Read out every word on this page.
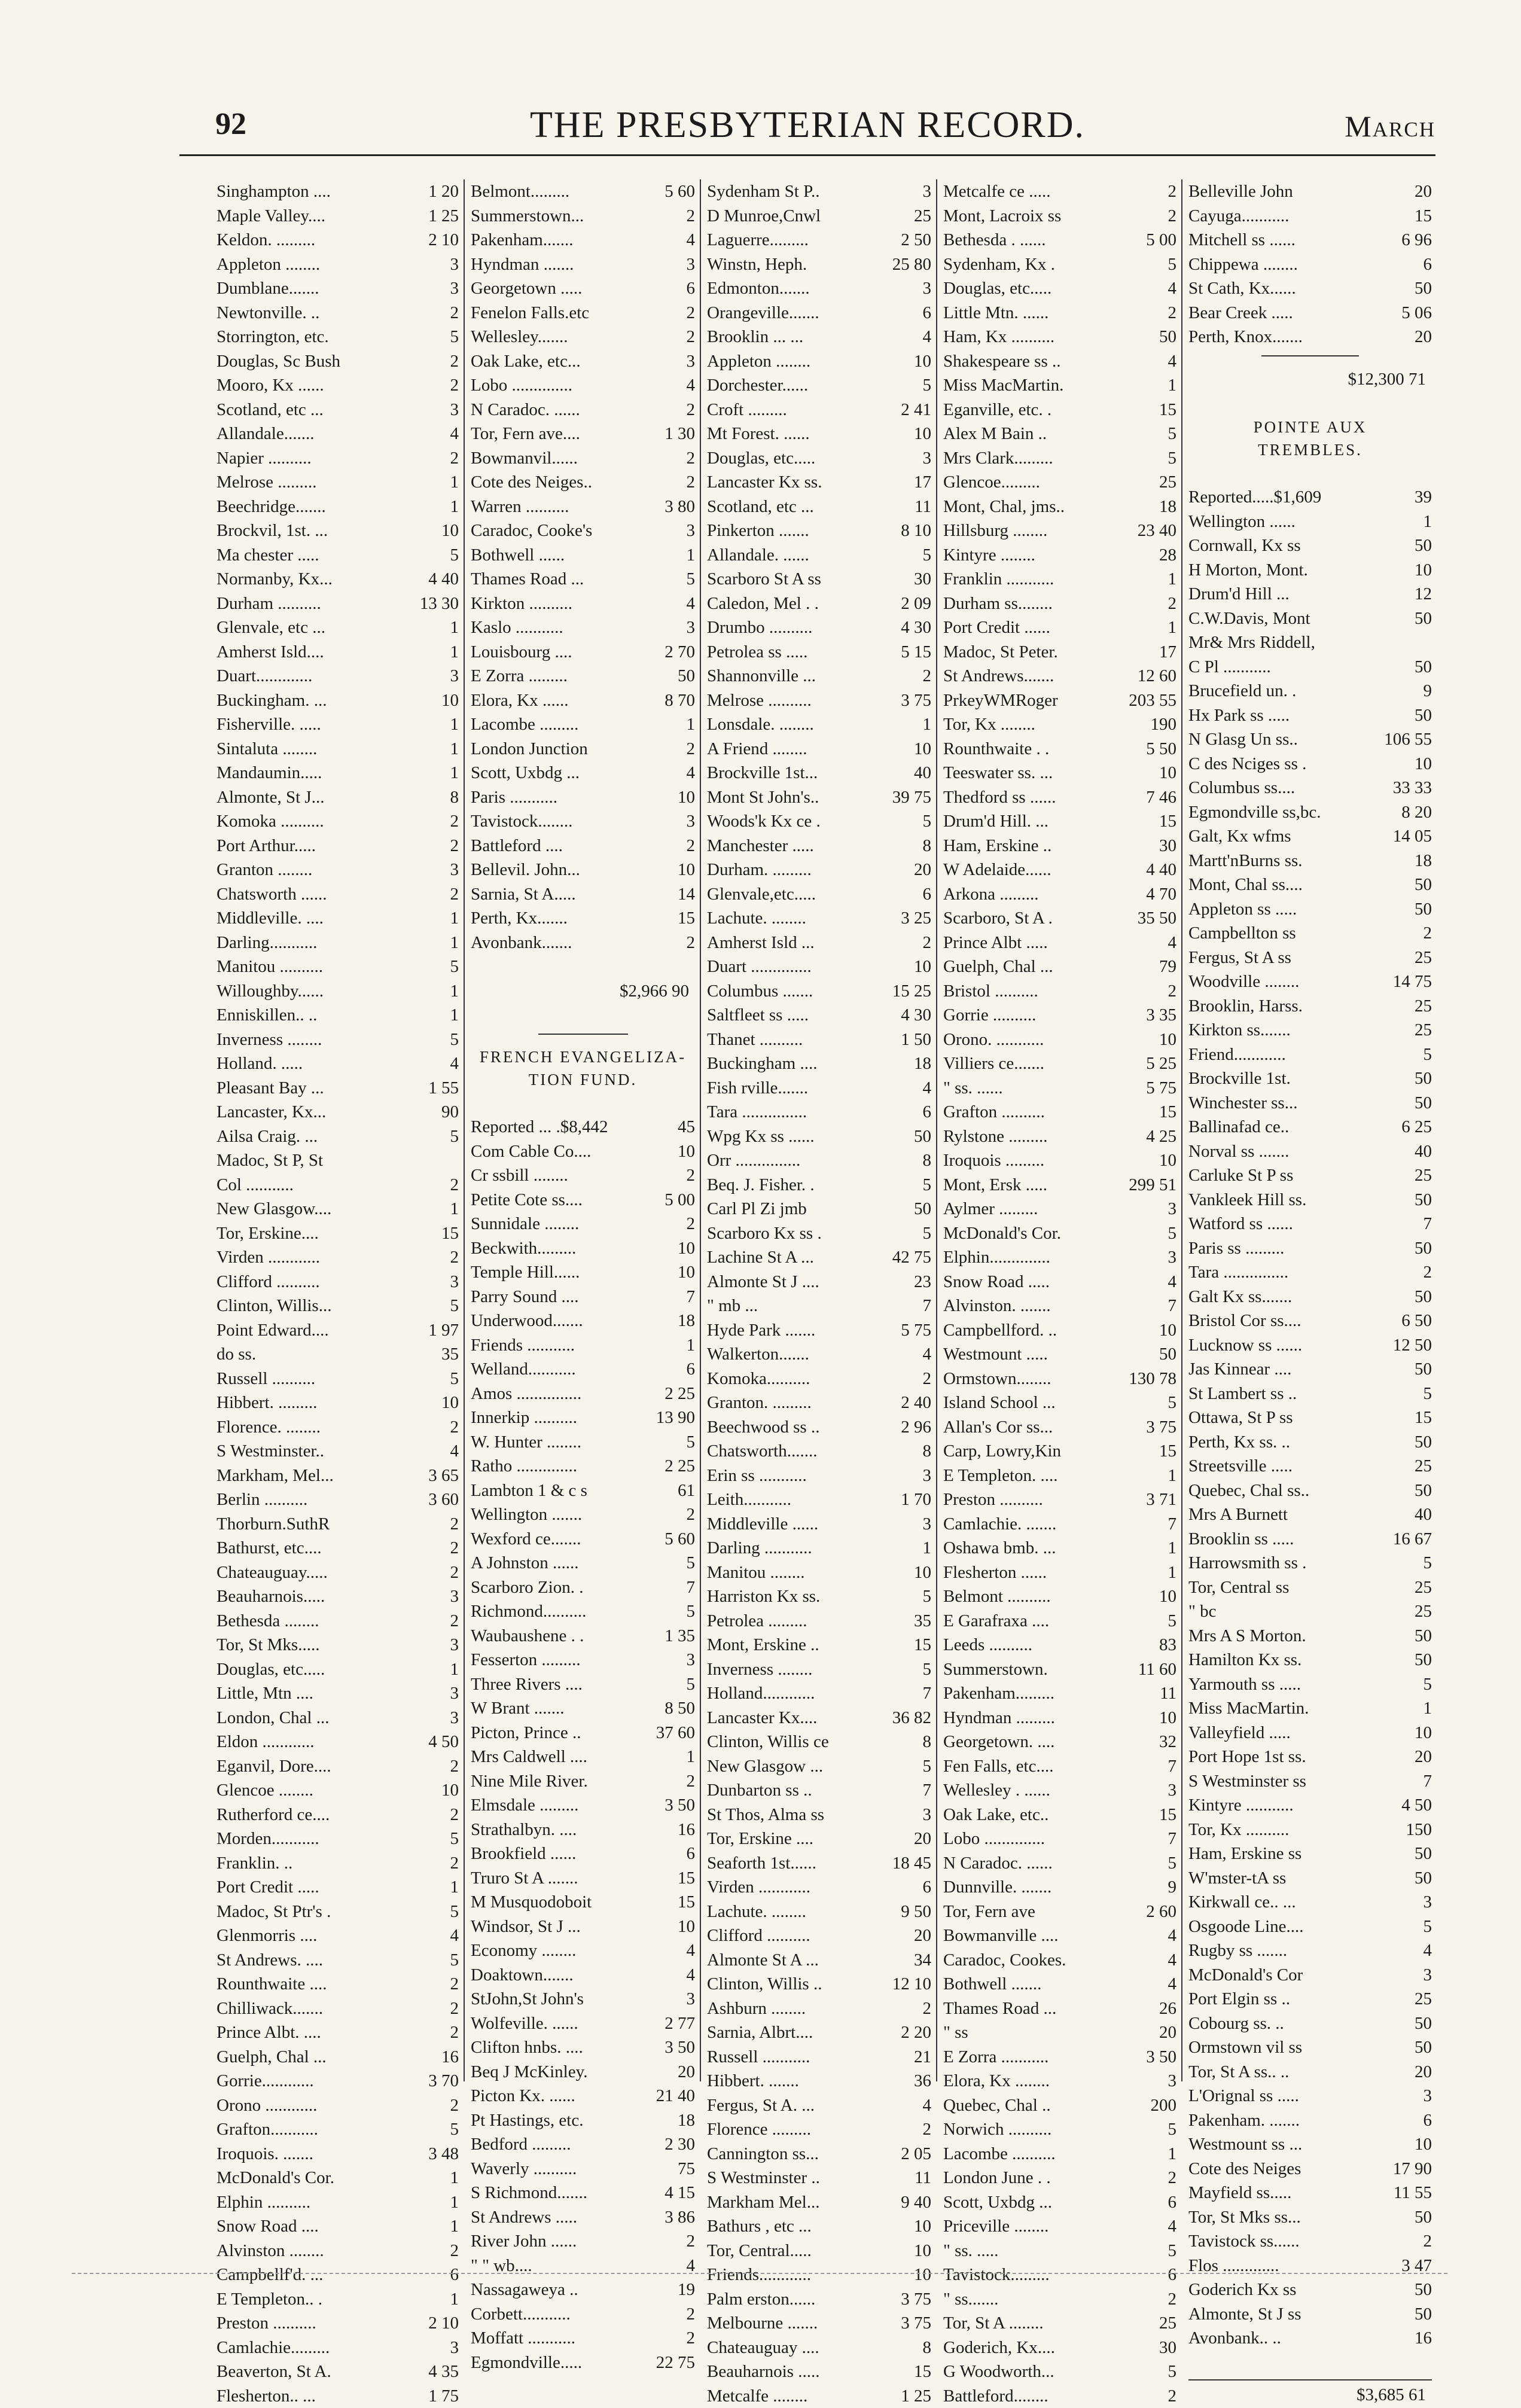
92	THE PRESBYTERIAN RECORD.	March
Singhampton ....	1 20
Maple Valley....	1 25
Keldon. .........	2 10
Appleton ........	3
Dumblane.......	3
Newtonville. ..	2
Storrington, etc.	5
Douglas, Sc Bush	2
Mooro, Kx ......	2
Scotland, etc ...	3
Allandale.......	4
Napier ..........	2
Melrose .........	1
Beechridge.......	1
Brockvil, 1st. ...	10
Ma chester .....	5
Normanby, Kx...	4 40
Durham ..........	13 30
Glenvale, etc ...	1
Amherst Isld....	1
Duart.............	3
Buckingham. ...	10
Fisherville. .....	1
Sintaluta ........	1
Mandaumin.....	1
Almonte, St J...	8
Komoka ..........	2
Port Arthur.....	2
Granton ........	3
Chatsworth ......	2
Middleville. ....	1
Darling...........	1
Manitou ..........	5
Willoughby......	1
Enniskillen.. ..	1
Inverness ........	5
Holland. .....	4
Pleasant Bay ...	1 55
Lancaster, Kx...	90
Ailsa Craig. ...	5
Madoc, St P, St
Col ...........	2
New Glasgow....	1
Tor, Erskine....	15
Virden ............	2
Clifford ..........	3
Clinton, Willis...	5
Point Edward....	1 97
do ss.	35
Russell ..........	5
Hibbert. .........	10
Florence. ........	2
S Westminster..	4
Markham, Mel...	3 65
Berlin ..........	3 60
Thorburn.SuthR	2
Bathurst, etc....	2
Chateauguay.....	2
Beauharnois.....	3
Bethesda ........	2
Tor, St Mks.....	3
Douglas, etc.....	1
Little, Mtn ....	3
London, Chal ...	3
Eldon ............	4 50
Eganvil, Dore....	2
Glencoe ........	10
Rutherford ce....	2
Morden...........	5
Franklin. ..	2
Port Credit .....	1
Madoc, St Ptr's .	5
Glenmorris ....	4
St Andrews. ....	5
Rounthwaite ....	2
Chilliwack.......	2
Prince Albt. ....	2
Guelph, Chal ...	16
Gorrie............	3 70
Orono ............	2
Grafton...........	5
Iroquois. .......	3 48
McDonald's Cor.	1
Elphin ..........	1
Snow Road ....	1
Alvinston ........	2
Campbellf'd. ...	6
E Templeton.. .	1
Preston ..........	2 10
Camlachie.........	3
Beaverton, St A.	4 35
Flesherton.. ...	1 75
Belmont.........	5 60
Summerstown...	2
Pakenham.......	4
Hyndman .......	3
Georgetown .....	6
Fenelon Falls.etc	2
Wellesley.......	2
Oak Lake, etc...	3
Lobo ..............	4
N Caradoc. ......	2
Tor, Fern ave....	1 30
Bowmanvil......	2
Cote des Neiges..	2
Warren ..........	3 80
Caradoc, Cooke's	3
Bothwell ......	1
Thames Road ...	5
Kirkton ..........	4
Kaslo ...........	3
Louisbourg ....	2 70
E Zorra .........	50
Elora, Kx ......	8 70
Lacombe .........	1
London Junction	2
Scott, Uxbdg ...	4
Paris ...........	10
Tavistock........	3
Battleford ....	2
Bellevil. John...	10
Sarnia, St A.....	14
Perth, Kx.......	15
Avonbank.......	2
$2,966 90
FRENCH EVANGELIZA-
TION FUND.
Reported ... .$8,442	45
Com Cable Co....	10
Cr ssbill ........	2
Petite Cote ss....	5 00
Sunnidale ........	2
Beckwith.........	10
Temple Hill......	10
Parry Sound ....	7
Underwood.......	18
Friends ...........	1
Welland...........	6
Amos ...............	2 25
Innerkip ..........	13 90
W. Hunter ........	5
Ratho ..............	2 25
Lambton 1 & c s	61
Wellington .......	2
Wexford ce.......	5 60
A Johnston ......	5
Scarboro Zion. .	7
Richmond..........	5
Waubaushene . .	1 35
Fesserton .........	3
Three Rivers ....	5
W Brant .......	8 50
Picton, Prince ..	37 60
Mrs Caldwell ....	1
Nine Mile River.	2
Elmsdale .........	3 50
Strathalbyn. ....	16
Brookfield ......	6
Truro St A .......	15
M Musquodoboit	15
Windsor, St J ...	10
Economy ........	4
Doaktown.......	4
StJohn,St John's	3
Wolfeville. ......	2 77
Clifton hnbs. ....	3 50
Beq J McKinley.	20
Picton Kx. ......	21 40
Pt Hastings, etc.	18
Bedford .........	2 30
Waverly ..........	75
S Richmond.......	4 15
St Andrews .....	3 86
River John ......	2
" " wb....	4
Nassagaweya ..	19
Corbett...........	2
Moffatt ...........	2
Egmondville.....	22 75
Sydenham St P..	3
D Munroe,Cnwl	25
Laguerre.........	2 50
Winstn, Heph.	25 80
Edmonton.......	3
Orangeville.......	6
Brooklin ... ...	4
Appleton ........	10
Dorchester......	5
Croft .........	2 41
Mt Forest. ......	10
Douglas, etc.....	3
Lancaster Kx ss.	17
Scotland, etc ...	11
Pinkerton .......	8 10
Allandale. ......	5
Scarboro St A ss	30
Caledon, Mel . .	2 09
Drumbo ..........	4 30
Petrolea ss .....	5 15
Shannonville ...	2
Melrose ..........	3 75
Lonsdale. ........	1
A Friend ........	10
Brockville 1st...	40
Mont St John's..	39 75
Woods'k Kx ce .	5
Manchester .....	8
Durham. .........	20
Glenvale,etc.....	6
Lachute. ........	3 25
Amherst Isld ...	2
Duart ..............	10
Columbus .......	15 25
Saltfleet ss .....	4 30
Thanet ..........	1 50
Buckingham ....	18
Fish rville.......	4
Tara ...............	6
Wpg Kx ss ......	50
Orr ...............	8
Beq. J. Fisher. .	5
Carl Pl Zi jmb	50
Scarboro Kx ss .	5
Lachine St A ...	42 75
Almonte St J ....	23
" mb ...	7
Hyde Park .......	5 75
Walkerton.......	4
Komoka..........	2
Granton. .........	2 40
Beechwood ss ..	2 96
Chatsworth.......	8
Erin ss ...........	3
Leith...........	1 70
Middleville ......	3
Darling ...........	1
Manitou ........	10
Harriston Kx ss.	5
Petrolea .........	35
Mont, Erskine ..	15
Inverness ........	5
Holland............	7
Lancaster Kx....	36 82
Clinton, Willis ce	8
New Glasgow ...	5
Dunbarton ss ..	7
St Thos, Alma ss	3
Tor, Erskine ....	20
Seaforth 1st......	18 45
Virden ............	6
Lachute. ........	9 50
Clifford ..........	20
Almonte St A ...	34
Clinton, Willis ..	12 10
Ashburn ........	2
Sarnia, Albrt....	2 20
Russell ...........	21
Hibbert. .......	36
Fergus, St A. ...	4
Florence .........	2
Cannington ss...	2 05
S Westminster ..	11
Markham Mel...	9 40
Bathurs , etc ...	10
Tor, Central.....	10
Friends............	10
Palm erston......	3 75
Melbourne .......	3 75
Chateauguay ....	8
Beauharnois .....	15
Metcalfe ........	1 25
Metcalfe ce .....	2
Mont, Lacroix ss	2
Bethesda . ......	5 00
Sydenham, Kx .	5
Douglas, etc.....	4
Little Mtn. ......	2
Ham, Kx ..........	50
Shakespeare ss ..	4
Miss MacMartin.	1
Eganville, etc. .	15
Alex M Bain ..	5
Mrs Clark.........	5
Glencoe.........	25
Mont, Chal, jms..	18
Hillsburg ........	23 40
Kintyre ........	28
Franklin ...........	1
Durham ss........	2
Port Credit ......	1
Madoc, St Peter.	17
St Andrews.......	12 60
PrkeyWMRoger	203 55
Tor, Kx ........	190
Rounthwaite . .	5 50
Teeswater ss. ...	10
Thedford ss ......	7 46
Drum'd Hill. ...	15
Ham, Erskine ..	30
W Adelaide......	4 40
Arkona .........	4 70
Scarboro, St A .	35 50
Prince Albt .....	4
Guelph, Chal ...	79
Bristol ..........	2
Gorrie ..........	3 35
Orono. ...........	10
Villiers ce.......	5 25
" ss. ......	5 75
Grafton ..........	15
Rylstone .........	4 25
Iroquois .........	10
Mont, Ersk .....	299 51
Aylmer .........	3
McDonald's Cor.	5
Elphin..............	3
Snow Road .....	4
Alvinston. .......	7
Campbellford. ..	10
Westmount .....	50
Ormstown........	130 78
Island School ...	5
Allan's Cor ss...	3 75
Carp, Lowry,Kin	15
E Templeton. ....	1
Preston ..........	3 71
Camlachie. .......	7
Oshawa bmb. ...	1
Flesherton ......	1
Belmont ..........	10
E Garafraxa ....	5
Leeds ..........	83
Summerstown.	11 60
Pakenham.........	11
Hyndman .........	10
Georgetown. ....	32
Fen Falls, etc....	7
Wellesley . ......	3
Oak Lake, etc..	15
Lobo ..............	7
N Caradoc. ......	5
Dunnville. .......	9
Tor, Fern ave	2 60
Bowmanville ....	4
Caradoc, Cookes.	4
Bothwell .......	4
Thames Road ...	26
" ss	20
E Zorra ...........	3 50
Elora, Kx ........	3
Quebec, Chal ..	200
Norwich ..........	5
Lacombe ..........	1
London June . .	2
Scott, Uxbdg ...	6
Priceville ........	4
" ss. .....	5
Tavistock.........	6
" ss.......	2
Tor, St A ........	25
Goderich, Kx....	30
G Woodworth...	5
Battleford........	2
Belleville John	20
Cayuga...........	15
Mitchell ss ......	6 96
Chippewa ........	6
St Cath, Kx......	50
Bear Creek .....	5 06
Perth, Knox.......	20
$12,300 71
POINTE AUX
TREMBLES.
Reported.....$1,609	39
Wellington ......	1
Cornwall, Kx ss	50
H Morton, Mont.	10
Drum'd Hill ...	12
C.W.Davis, Mont	50
Mr& Mrs Riddell,
C Pl ...........	50
Brucefield un. .	9
Hx Park ss .....	50
N Glasg Un ss..	106 55
C des Nciges ss .	10
Columbus ss....	33 33
Egmondville ss,bc.	8 20
Galt, Kx wfms	14 05
Martt'nBurns ss.	18
Mont, Chal ss....	50
Appleton ss .....	50
Campbellton ss	2
Fergus, St A ss	25
Woodville ........	14 75
Brooklin, Harss.	25
Kirkton ss.......	25
Friend............	5
Brockville 1st.	50
Winchester ss...	50
Ballinafad ce..	6 25
Norval ss .......	40
Carluke St P ss	25
Vankleek Hill ss.	50
Watford ss ......	7
Paris ss .........	50
Tara ...............	2
Galt Kx ss.......	50
Bristol Cor ss....	6 50
Lucknow ss ......	12 50
Jas Kinnear ....	50
St Lambert ss ..	5
Ottawa, St P ss	15
Perth, Kx ss. ..	50
Streetsville .....	25
Quebec, Chal ss..	50
Mrs A Burnett	40
Brooklin ss .....	16 67
Harrowsmith ss .	5
Tor, Central ss	25
" bc	25
Mrs A S Morton.	50
Hamilton Kx ss.	50
Yarmouth ss .....	5
Miss MacMartin.	1
Valleyfield .....	10
Port Hope 1st ss.	20
S Westminster ss	7
Kintyre ...........	4 50
Tor, Kx ..........	150
Ham, Erskine ss	50
W'mster-tA ss	50
Kirkwall ce.. ...	3
Osgoode Line....	5
Rugby ss .......	4
McDonald's Cor	3
Port Elgin ss ..	25
Cobourg ss. ..	50
Ormstown vil ss	50
Tor, St A ss.. ..	20
L'Orignal ss .....	3
Pakenham. .......	6
Westmount ss ...	10
Cote des Neiges	17 90
Mayfield ss.....	11 55
Tor, St Mks ss...	50
Tavistock ss......	2
Flos .............	3 47
Goderich Kx ss	50
Almonte, St J ss	50
Avonbank.. ..	16
$3,685 61
